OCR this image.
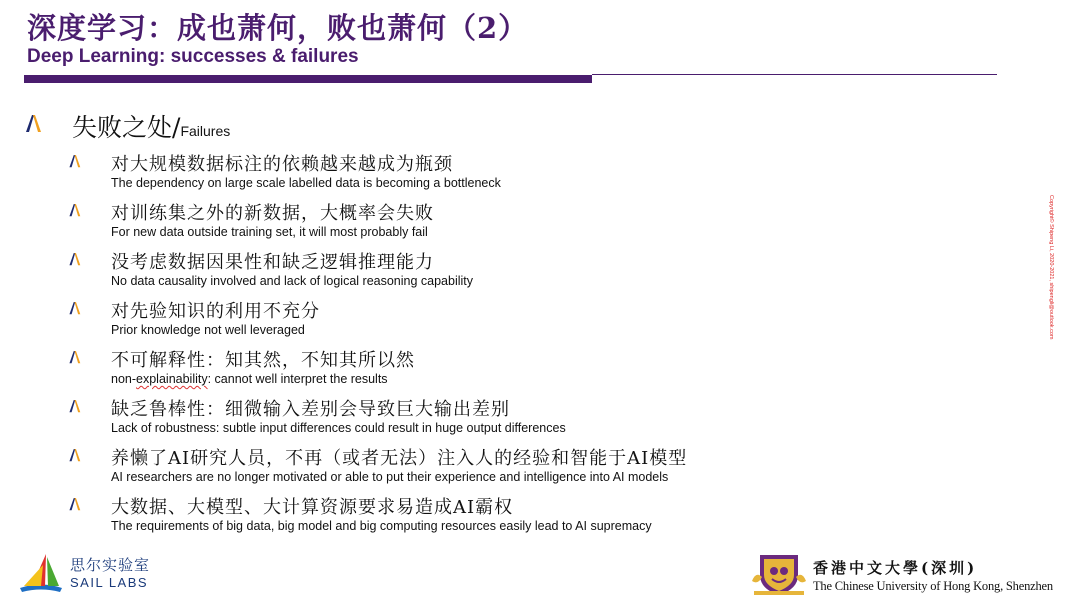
深度学习：成也萧何，败也萧何（2）
Deep Learning: successes & failures
失败之处/Failures
对大规模数据标注的依赖越来越成为瓶颈
The dependency on large scale labelled data is becoming a bottleneck
对训练集之外的新数据，大概率会失败
For new data outside training set, it will most probably fail
没考虑数据因果性和缺乏逻辑推理能力
No data causality involved and lack of logical reasoning capability
对先验知识的利用不充分
Prior knowledge not well leveraged
不可解释性：知其然，不知其所以然
non-explainability: cannot well interpret the results
缺乏鲁棒性：细微输入差别会导致巨大输出差别
Lack of robustness: subtle input differences could result in huge output differences
养懒了AI研究人员，不再（或者无法）注入人的经验和智能于AI模型
AI researchers are no longer motivated or able to put their experience and intelligence into AI models
大数据、大模型、大计算资源要求易造成AI霸权
The requirements of big data, big model and big computing resources easily lead to AI supremacy
Copyright© Shipeng Li, 2020-2021, shipengli@outlook.com
思尔实验室
SAIL LABS
香港中文大學(深圳)
The Chinese University of Hong Kong, Shenzhen
